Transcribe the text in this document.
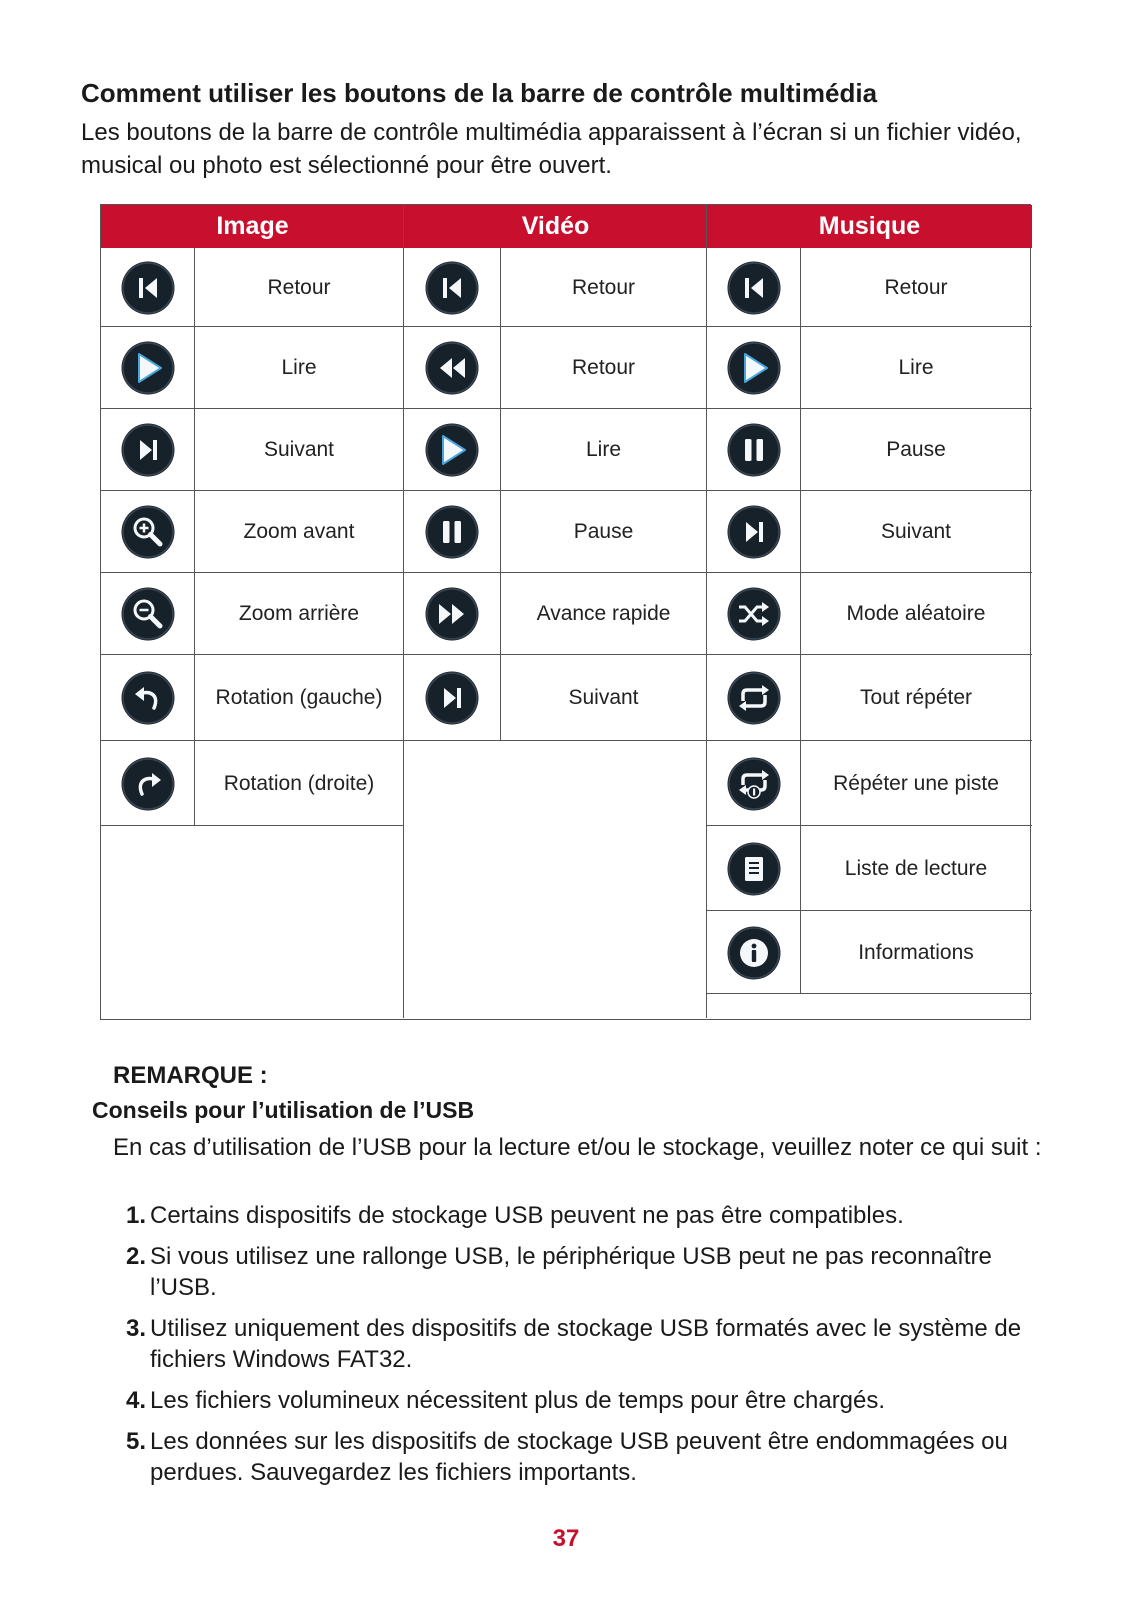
Comment utiliser les boutons de la barre de contrôle multimédia

Les boutons de la barre de contrôle multimédia apparaissent à l’écran si un fichier vidéo, musical ou photo est sélectionné pour être ouvert.

Image
Retour
Lire
Suivant
Zoom avant
Zoom arrière
Rotation (gauche)
Rotation (droite)
Vidéo
Retour
Retour
Lire
Pause
Avance rapide
Suivant
Musique
Retour
Lire
Pause
Suivant
Mode aléatoire
Tout répéter
Répéter une piste
Liste de lecture
Informations

REMARQUE :

Conseils pour l’utilisation de l’USB

En cas d’utilisation de l’USB pour la lecture et/ou le stockage, veuillez noter ce qui suit :

1. Certains dispositifs de stockage USB peuvent ne pas être compatibles.
2. Si vous utilisez une rallonge USB, le périphérique USB peut ne pas reconnaître l’USB.
3. Utilisez uniquement des dispositifs de stockage USB formatés avec le système de fichiers Windows FAT32.
4. Les fichiers volumineux nécessitent plus de temps pour être chargés.
5. Les données sur les dispositifs de stockage USB peuvent être endommagées ou perdues. Sauvegardez les fichiers importants.
37
